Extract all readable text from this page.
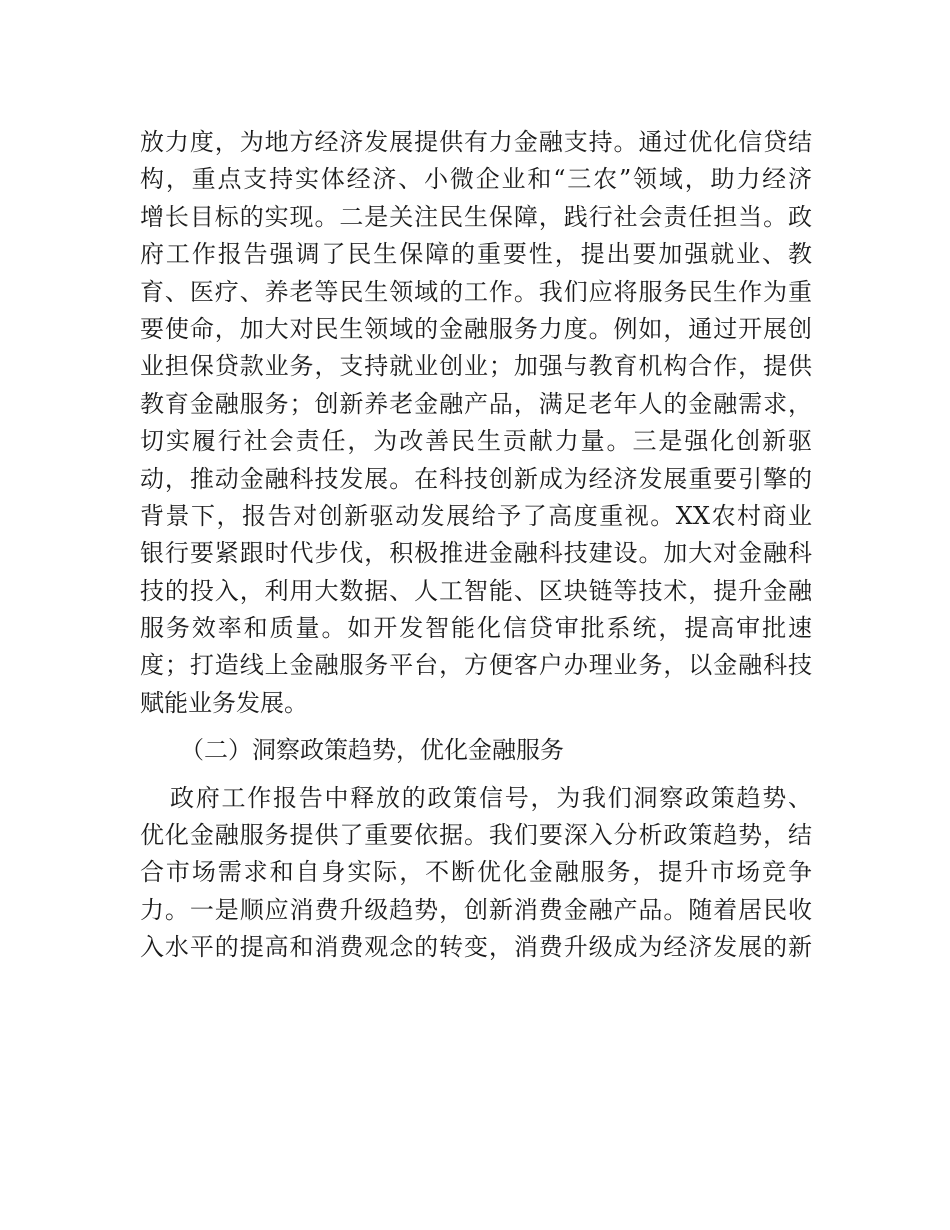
放力度，为地方经济发展提供有力金融支持。通过优化信贷结
构，重点支持实体经济、小微企业和“三农”领域，助力经济
增长目标的实现。二是关注民生保障，践行社会责任担当。政
府工作报告强调了民生保障的重要性，提出要加强就业、教
育、医疗、养老等民生领域的工作。我们应将服务民生作为重
要使命，加大对民生领域的金融服务力度。例如，通过开展创
业担保贷款业务，支持就业创业；加强与教育机构合作，提供
教育金融服务；创新养老金融产品，满足老年人的金融需求，
切实履行社会责任，为改善民生贡献力量。三是强化创新驱
动，推动金融科技发展。在科技创新成为经济发展重要引擎的
背景下，报告对创新驱动发展给予了高度重视。XX农村商业
银行要紧跟时代步伐，积极推进金融科技建设。加大对金融科
技的投入，利用大数据、人工智能、区块链等技术，提升金融
服务效率和质量。如开发智能化信贷审批系统，提高审批速
度；打造线上金融服务平台，方便客户办理业务，以金融科技
赋能业务发展。
（二）洞察政策趋势，优化金融服务
政府工作报告中释放的政策信号，为我们洞察政策趋势、
优化金融服务提供了重要依据。我们要深入分析政策趋势，结
合市场需求和自身实际，不断优化金融服务，提升市场竞争
力。一是顺应消费升级趋势，创新消费金融产品。随着居民收
入水平的提高和消费观念的转变，消费升级成为经济发展的新
